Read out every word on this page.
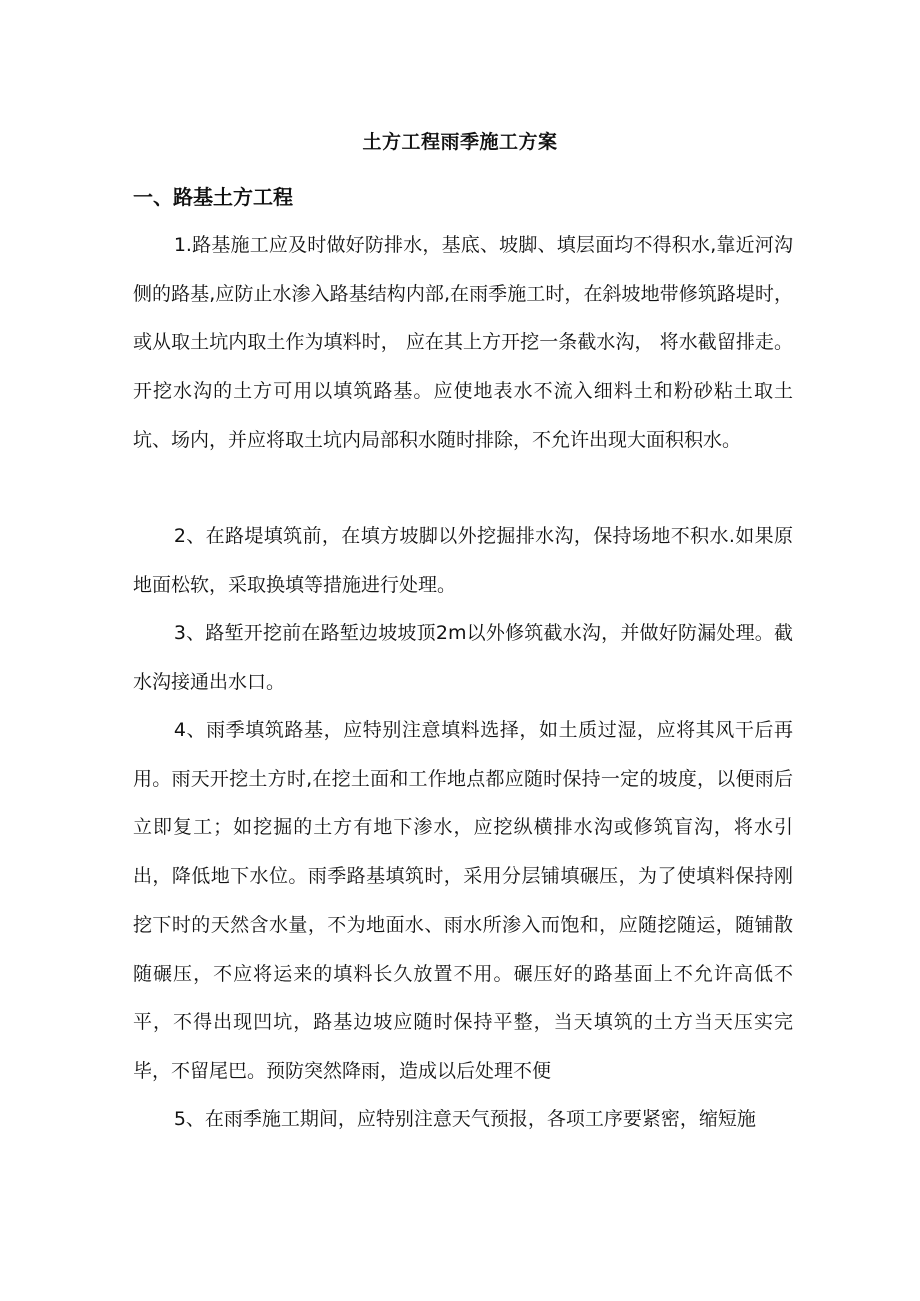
土方工程雨季施工方案
一、路基土方工程

1.路基施工应及时做好防排水，基底、坡脚、填层面均不得积水,靠近河沟侧的路基,应防止水渗入路基结构内部,在雨季施工时，在斜坡地带修筑路堤时，或从取土坑内取土作为填料时， 应在其上方开挖一条截水沟， 将水截留排走。开挖水沟的土方可用以填筑路基。应使地表水不流入细料土和粉砂粘土取土坑、场内，并应将取土坑内局部积水随时排除，不允许出现大面积积水。

2、在路堤填筑前，在填方坡脚以外挖掘排水沟，保持场地不积水.如果原地面松软，采取换填等措施进行处理。

3、路堑开挖前在路堑边坡坡顶2m以外修筑截水沟，并做好防漏处理。截水沟接通出水口。

4、雨季填筑路基，应特别注意填料选择，如土质过湿，应将其风干后再用。雨天开挖土方时,在挖土面和工作地点都应随时保持一定的坡度，以便雨后立即复工；如挖掘的土方有地下渗水，应挖纵横排水沟或修筑盲沟，将水引出，降低地下水位。雨季路基填筑时，采用分层铺填碾压，为了使填料保持刚挖下时的天然含水量，不为地面水、雨水所渗入而饱和，应随挖随运，随铺散随碾压，不应将运来的填料长久放置不用。碾压好的路基面上不允许高低不平，不得出现凹坑，路基边坡应随时保持平整，当天填筑的土方当天压实完毕，不留尾巴。预防突然降雨，造成以后处理不便

5、在雨季施工期间，应特别注意天气预报，各项工序要紧密，缩短施
